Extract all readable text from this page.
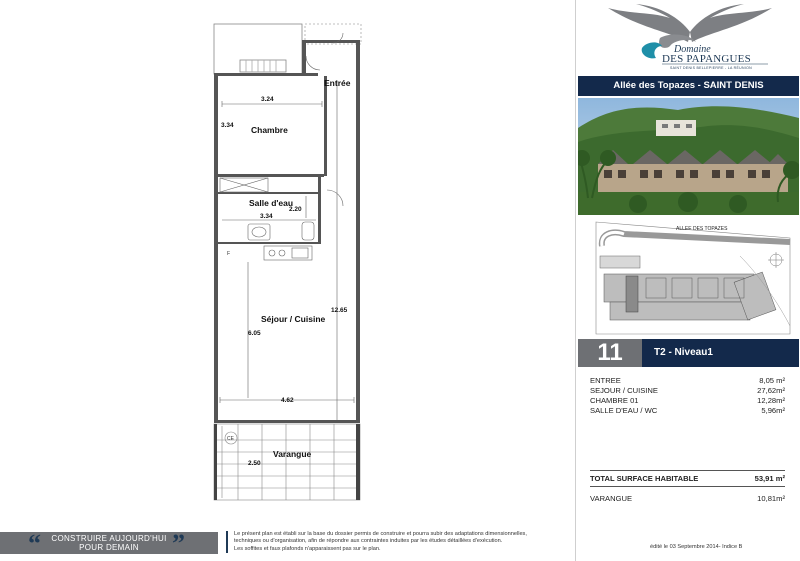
Entrée
Chambre
Salle d'eau
Séjour / Cuisine
Varangue
3.24
3.34
2.20
3.34
12.65
6.05
4.62
2.50
F
CE
“	CONSTRUIRE AUJOURD'HUI
POUR DEMAIN	”	Le présent plan est établi sur la base du dossier permis de construire et pourra subir des adaptations dimensionnelles,
techniques ou d'organisation, afin de répondre aux contraintes induites par les études détaillées d'exécution.
Les soffites et faux plafonds n'apparaissent pas sur le plan.
Domaine
DES PAPANGUES
SAINT DENIS BELLEPIERRE - LA RÉUNION
Allée des Topazes - SAINT DENIS
ALLEE DES TOPAZES
11	T2 - Niveau1
ENTREE	8,05 m²
SEJOUR / CUISINE	27,62m²
CHAMBRE 01	12,28m²
SALLE D'EAU / WC	5,96m²
TOTAL SURFACE HABITABLE	53,91 m²
VARANGUE	10,81m²
édité le 03 Septembre 2014- Indice B
